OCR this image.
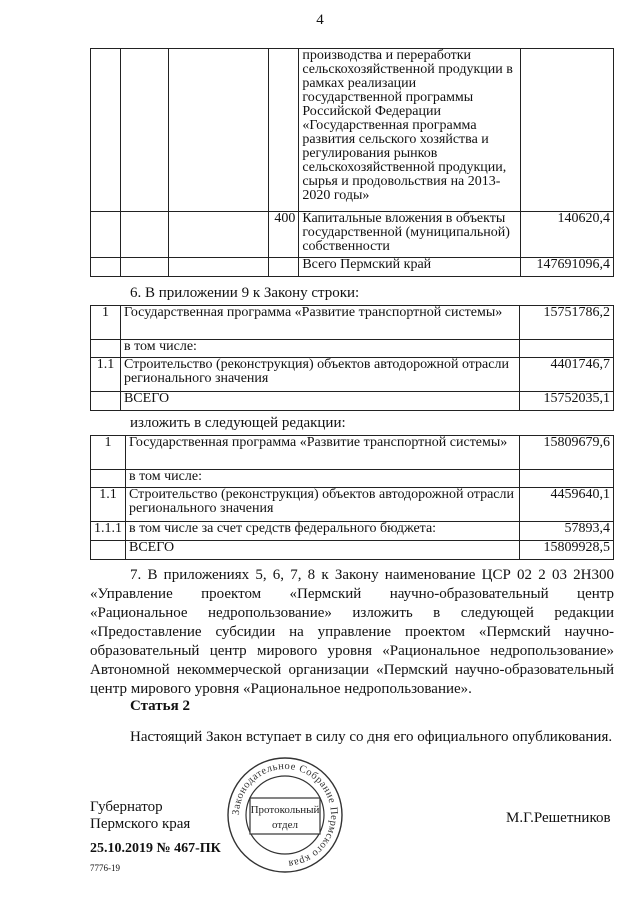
4
				производства и переработки сельскохозяйственной продукции в рамках реализации государственной программы Российской Федерации «Государственная программа развития сельского хозяйства и регулирования рынков сельскохозяйственной продукции, сырья и продовольствия на 2013-2020 годы»	
			400	Капитальные вложения в объекты государственной (муниципальной) собственности	140620,4
				Всего Пермский край	147691096,4
6. В приложении 9 к Закону строки:
1	Государственная программа «Развитие транспортной системы»	15751786,2
	в том числе:	
1.1	Строительство (реконструкция) объектов автодорожной отрасли регионального значения	4401746,7
	ВСЕГО	15752035,1
изложить в следующей редакции:
1	Государственная программа «Развитие транспортной системы»	15809679,6
	в том числе:	
1.1	Строительство (реконструкция) объектов автодорожной отрасли регионального значения	4459640,1
1.1.1	в том числе за счет средств федерального бюджета:	57893,4
	ВСЕГО	15809928,5
7. В приложениях 5, 6, 7, 8 к Закону наименование ЦСР 02 2 03 2Н300 «Управление проектом «Пермский научно-образовательный центр «Рациональное недропользование» изложить в следующей редакции «Предоставление субсидии на управление проектом «Пермский научно-образовательный центр мирового уровня «Рациональное недропользование» Автономной некоммерческой организации «Пермский научно-образовательный центр мирового уровня «Рациональное недропользование».
Статья 2
Настоящий Закон вступает в силу со дня его официального опубликования.
Губернатор
Пермского края	М.Г.Решетников
25.10.2019 № 467-ПК
7776-19
Законодательное Собрание Пермского края
Протокольный
отдел
